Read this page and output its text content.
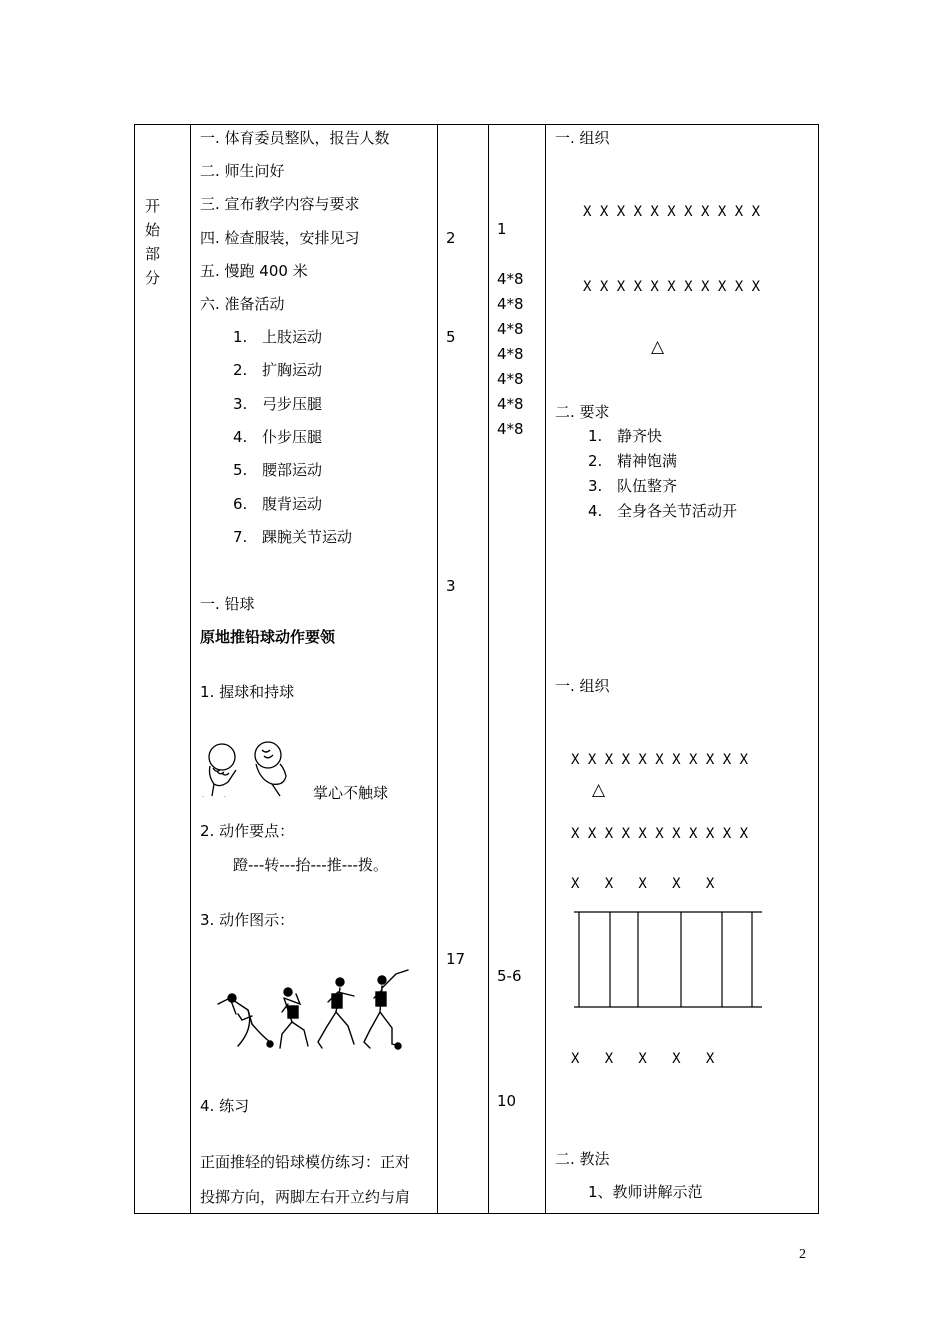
开始部分
一. 体育委员整队，报告人数
二. 师生问好
三. 宣布教学内容与要求
四. 检查服装，安排见习
五. 慢跑 400 米
六. 准备活动
1. 上肢运动
2. 扩胸运动
3. 弓步压腿
4. 仆步压腿
5. 腰部运动
6. 腹背运动
7. 踝腕关节运动
一. 铅球
原地推铅球动作要领
1. 握球和持球
·	·	掌心不触球
2. 动作要点：
蹬---转---抬---推---拨。
3. 动作图示：
4. 练习
正面推轻的铅球模仿练习：正对
投掷方向，两脚左右开立约与肩
2
5
3
17
1
4*8
4*8
4*8
4*8
4*8
4*8
4*8
5-6
10
一. 组织
X X X X X X X X X X X
X X X X X X X X X X X
△
二. 要求
1. 静齐快
2. 精神饱满
3. 队伍整齐
4. 全身各关节活动开
一. 组织
X X X X X X X X X X X
△
X X X X X X X X X X X
X   X   X   X   X
X   X   X   X   X
二. 教法
1、教师讲解示范
2
